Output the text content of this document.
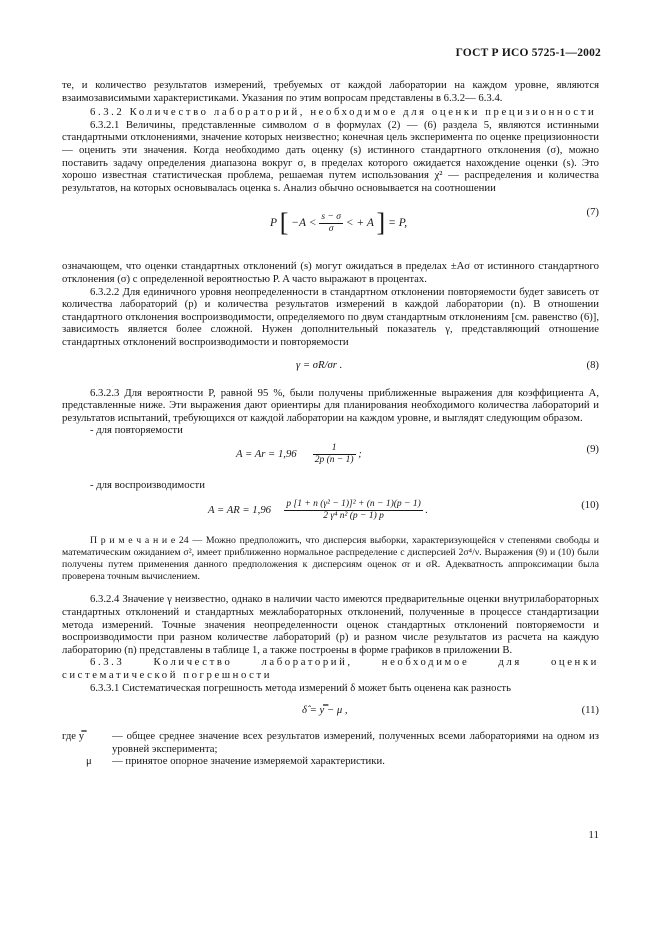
ГОСТ Р ИСО 5725-1—2002

те, и количество результатов измерений, требуемых от каждой лаборатории на каждом уровне, являются взаимозависимыми характеристиками. Указания по этим вопросам представлены в 6.3.2— 6.3.4.

6.3.2 Количество лабораторий, необходимое для оценки прецизионности

6.3.2.1 Величины, представленные символом σ в формулах (2) — (6) раздела 5, являются истинными стандартными отклонениями, значение которых неизвестно; конечная цель эксперимента по оценке прецизионности — оценить эти значения. Когда необходимо дать оценку (s) истинного стандартного отклонения (σ), можно поставить задачу определения диапазона вокруг σ, в пределах которого ожидается нахождение оценки (s). Это хорошо известная статистическая проблема, решаемая путем использования χ² — распределения и количества результатов, на которых основывалась оценка s. Анализ обычно основывается на соотношении

P [ $-A < \frac{s - \sigma}{\sigma}$ < + A ] = P,
(7)

означающем, что оценки стандартных отклонений (s) могут ожидаться в пределах ±Aσ от истинного стандартного отклонения (σ) с определенной вероятностью P. A часто выражают в процентах.

6.3.2.2 Для единичного уровня неопределенности в стандартном отклонении повторяемости будет зависеть от количества лабораторий (p) и количества результатов измерений в каждой лаборатории (n). В отношении стандартного отклонения воспроизводимости, определяемого по двум стандартным отклонениям [см. равенство (6)], зависимость является более сложной. Нужен дополнительный показатель γ, представляющий отношение стандартных отклонений воспроизводимости и повторяемости

γ = σR/σr .	(8)

6.3.2.3 Для вероятности P, равной 95 %, были получены приближенные выражения для коэффициента A, представленные ниже. Эти выражения дают ориентиры для планирования необходимого количества лабораторий и результатов испытаний, требующихся от каждой лаборатории на каждом уровне, и выглядят следующим образом.

- для повторяемости

$A = Ar = 1,96 \frac{1}{2p (n - 1)}$ ;	(9)

- для воспроизводимости

A = AR = $1,96 \frac{\text{p [1 + n (γ² − 1)]² + (n − 1)(p − 1)}}{\text{2 γ⁴ n² (p − 1) p}}$ .	(10)

П р и м е ч а н и е 24 — Можно предположить, что дисперсия выборки, характеризующейся ν степенями свободы и математическим ожиданием σ², имеет приближенно нормальное распределение с дисперсией 2σ⁴/ν. Выражения (9) и (10) были получены путем применения данного предположения к дисперсиям оценок σr и σR. Адекватность аппроксимации была проверена точным вычислением.

6.3.2.4 Значение γ неизвестно, однако в наличии часто имеются предварительные оценки внутрилабораторных стандартных отклонений и стандартных межлабораторных отклонений, полученные в процессе стандартизации метода измерений. Точные значения неопределенности оценок стандартных отклонений повторяемости и воспроизводимости при разном количестве лабораторий (p) и разном числе результатов из расчета на каждую лабораторию (n) представлены в таблице 1, а также построены в форме графиков в приложении В.

6.3.3 Количество лабораторий, необходимое для оценки систематической погрешности

6.3.3.1 Систематическая погрешность метода измерений δ может быть оценена как разность

δ̂ = y̿ − μ ,	(11)
где y̿	— общее среднее значение всех результатов измерений, полученных всеми лабораториями на одном из уровней эксперимента;
μ	— принятое опорное значение измеряемой характеристики.
11
